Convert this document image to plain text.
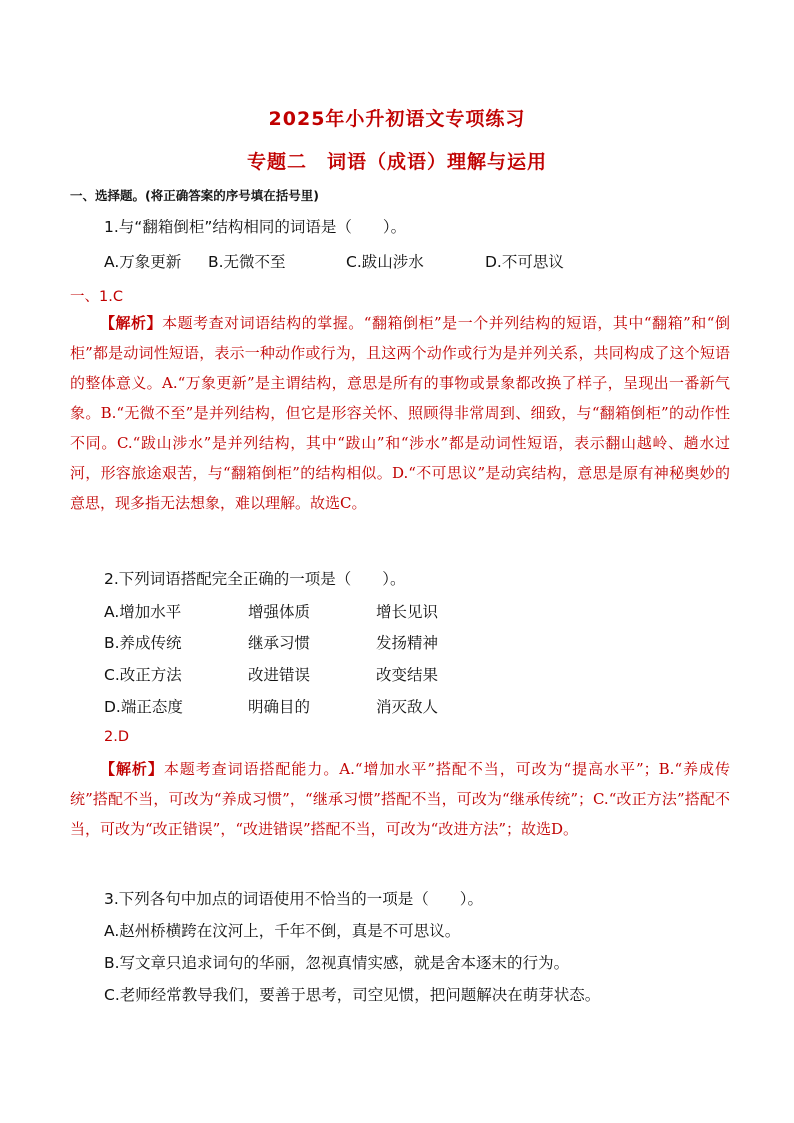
2025年小升初语文专项练习
专题二　词语（成语）理解与运用
一、选择题。(将正确答案的序号填在括号里)
1.与“翻箱倒柜”结构相同的词语是（　　）。
A.万象更新 B.无微不至	C.跋山涉水	D.不可思议
一、1.C

【解析】本题考查对词语结构的掌握。“翻箱倒柜”是一个并列结构的短语，其中“翻箱”和“倒柜”都是动词性短语，表示一种动作或行为，且这两个动作或行为是并列关系，共同构成了这个短语的整体意义。A.“万象更新”是主谓结构，意思是所有的事物或景象都改换了样子，呈现出一番新气象。B.“无微不至”是并列结构，但它是形容关怀、照顾得非常周到、细致，与“翻箱倒柜”的动作性不同。C.“跋山涉水”是并列结构，其中“跋山”和“涉水”都是动词性短语，表示翻山越岭、趟水过河，形容旅途艰苦，与“翻箱倒柜”的结构相似。D.“不可思议”是动宾结构，意思是原有神秘奥妙的意思，现多指无法想象，难以理解。故选C。

2.下列词语搭配完全正确的一项是（　　）。
A.增加水平	增强体质	增长见识
B.养成传统	继承习惯	发扬精神
C.改正方法	改进错误	改变结果
D.端正态度	明确目的	消灭敌人
2.D

【解析】本题考查词语搭配能力。A.“增加水平”搭配不当，可改为“提高水平”；B.“养成传统”搭配不当，可改为“养成习惯”，“继承习惯”搭配不当，可改为“继承传统”；C.“改正方法”搭配不当，可改为“改正错误”，“改进错误”搭配不当，可改为“改进方法”；故选D。

3.下列各句中加点的词语使用不恰当的一项是（　　）。
A.赵州桥横跨在汶河上，千年不倒，真是不可思议。
B.写文章只追求词句的华丽，忽视真情实感，就是舍本逐末的行为。
C.老师经常教导我们，要善于思考，司空见惯，把问题解决在萌芽状态。
